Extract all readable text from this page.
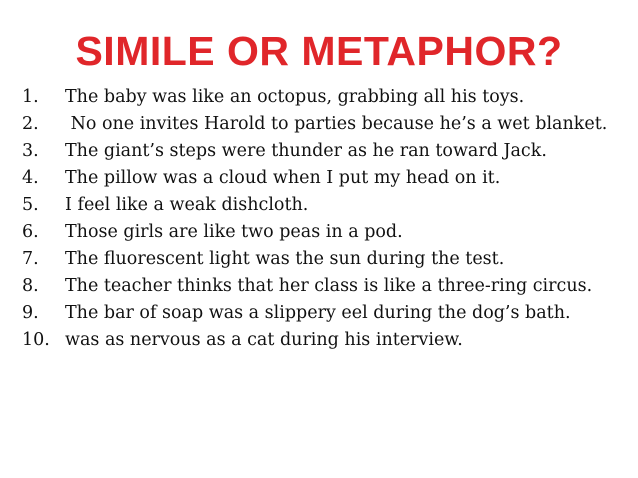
SIMILE OR METAPHOR?
1.	The baby was like an octopus, grabbing all his toys.
2.	No one invites Harold to parties because he’s a wet blanket.
3.	The giant’s steps were thunder as he ran toward Jack.
4.	The pillow was a cloud when I put my head on it.
5.	I feel like a weak dishcloth.
6.	Those girls are like two peas in a pod.
7.	The fluorescent light was the sun during the test.
8.	The teacher thinks that her class is like a three-ring circus.
9.	The bar of soap was a slippery eel during the dog’s bath.
10. was as nervous as a cat during his interview.
